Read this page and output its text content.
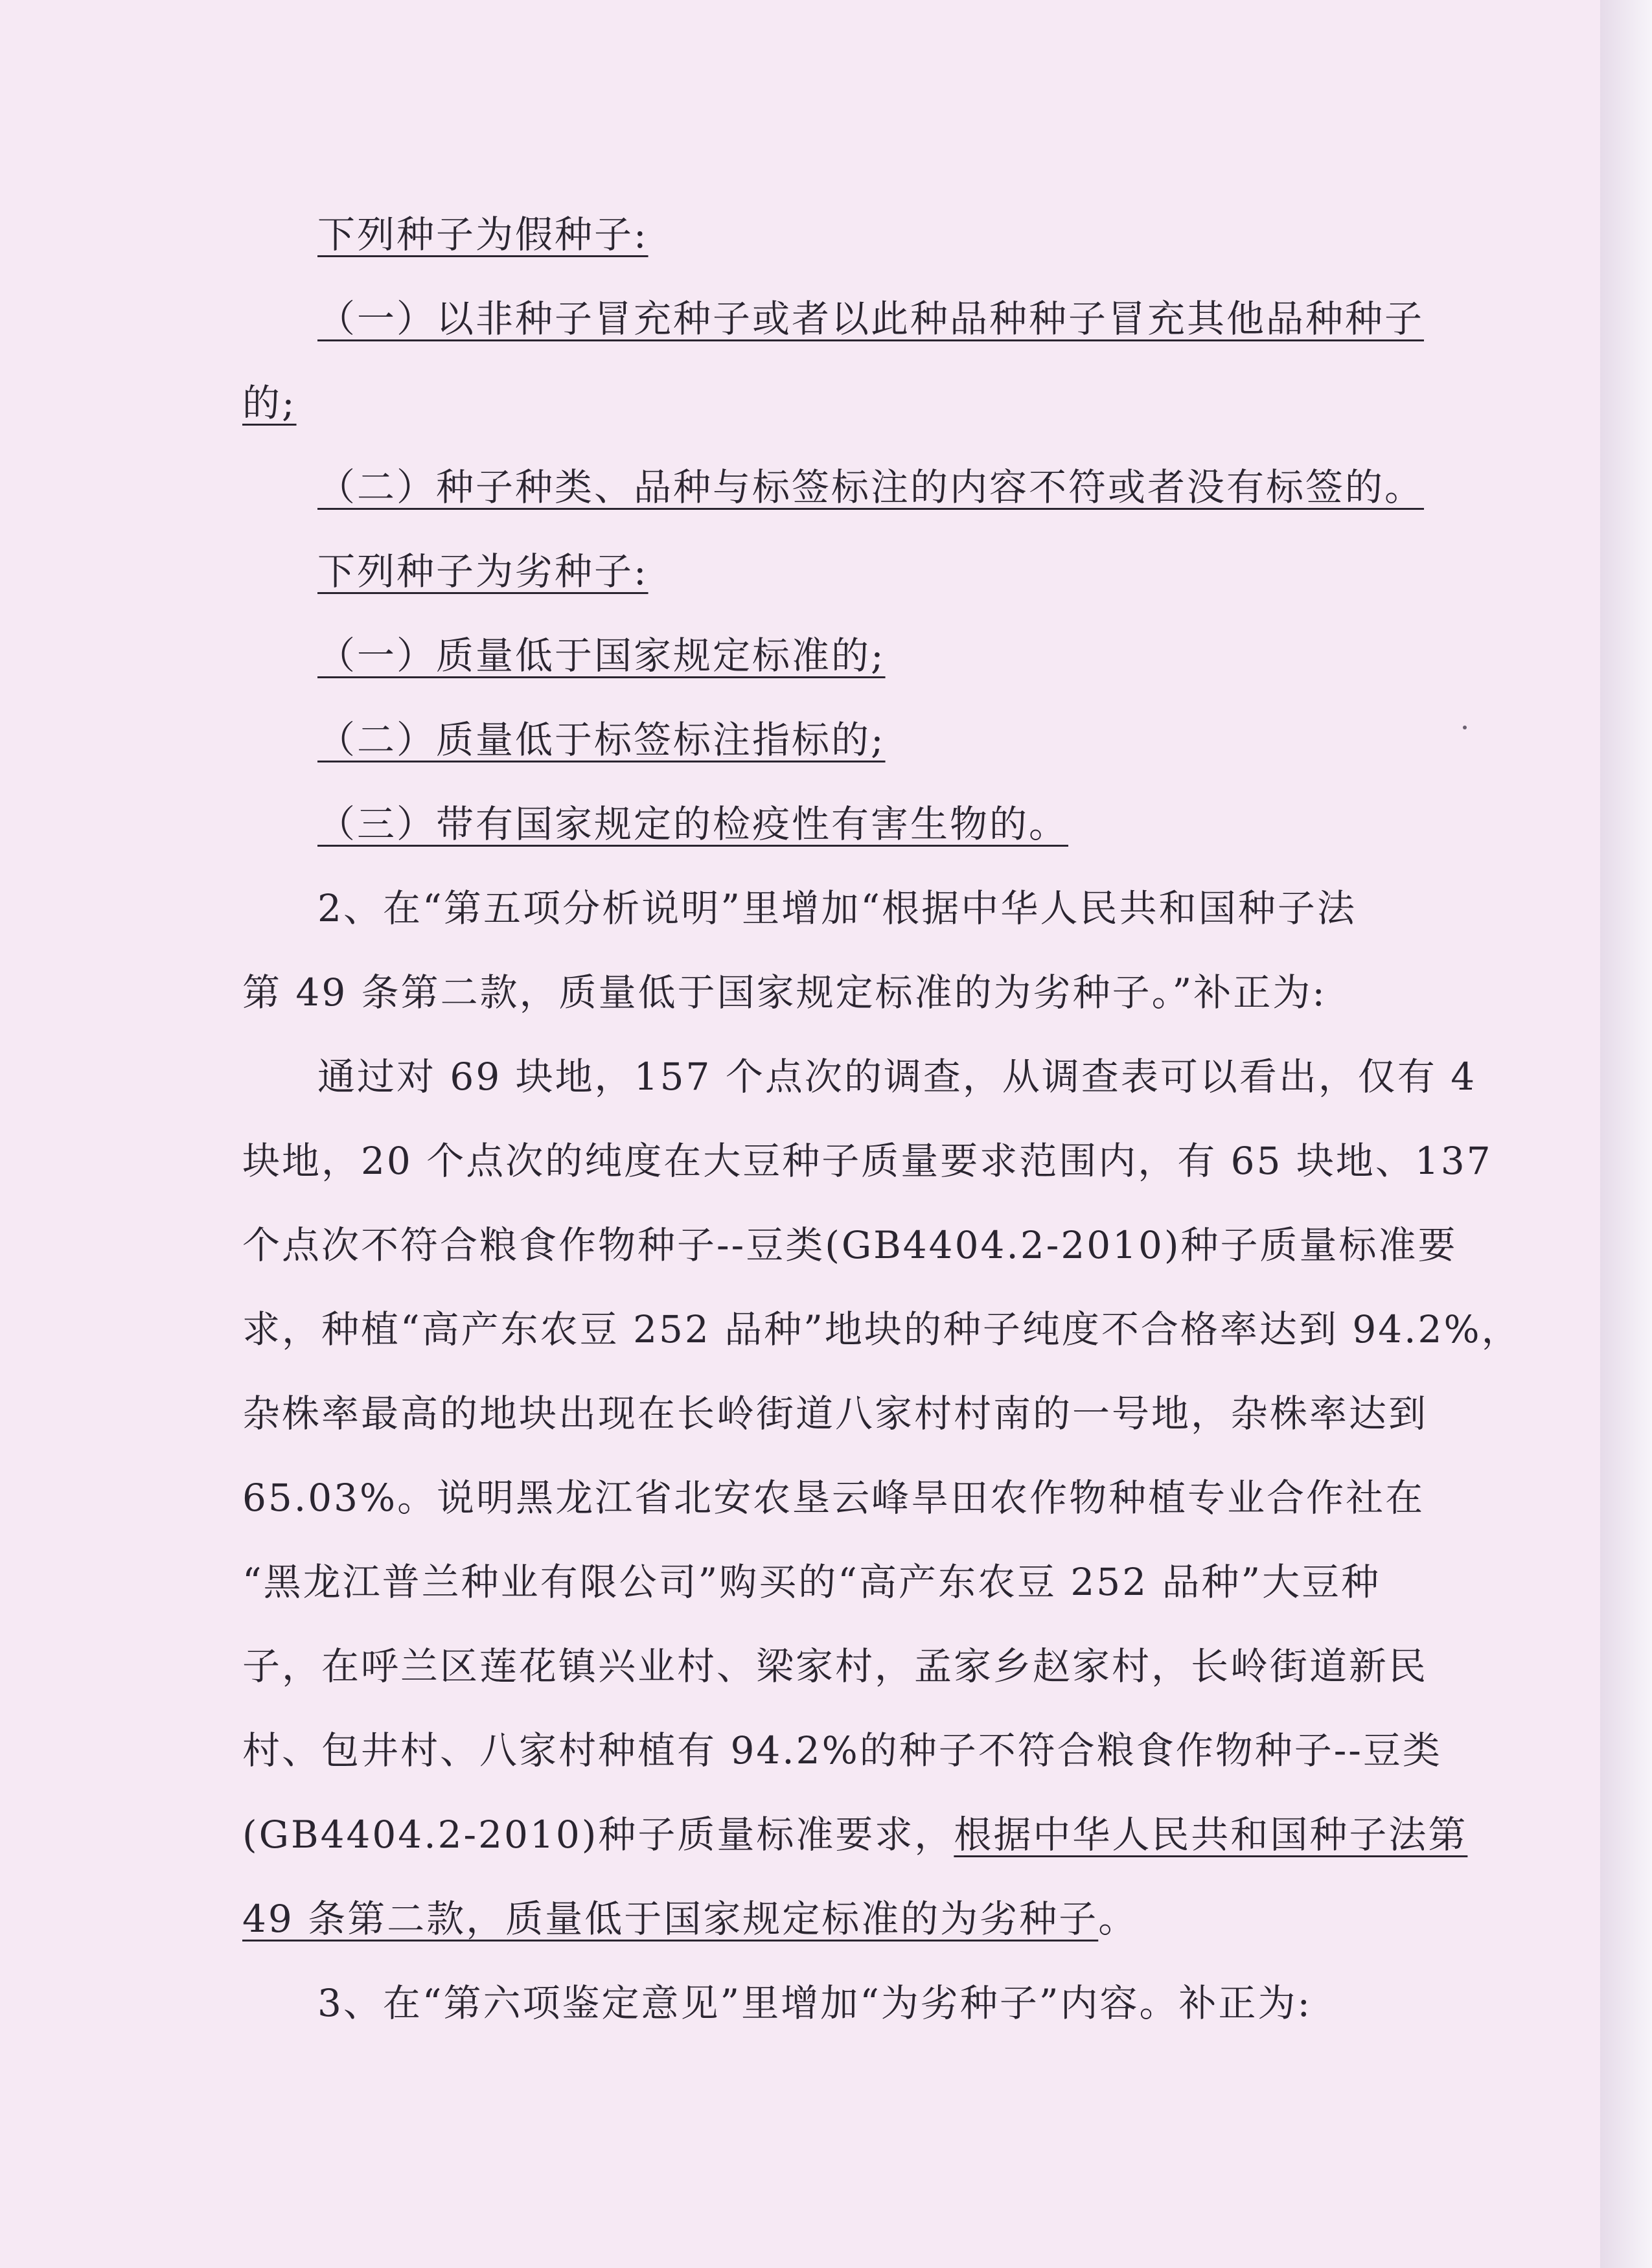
下列种子为假种子:
（一）以非种子冒充种子或者以此种品种种子冒充其他品种种子
的;
（二）种子种类、品种与标签标注的内容不符或者没有标签的。
下列种子为劣种子:
（一）质量低于国家规定标准的;
（二）质量低于标签标注指标的;
（三）带有国家规定的检疫性有害生物的。
2、在“第五项分析说明”里增加“根据中华人民共和国种子法
第 49 条第二款，质量低于国家规定标准的为劣种子。”补正为:
通过对 69 块地，157 个点次的调查，从调查表可以看出，仅有 4
块地，20 个点次的纯度在大豆种子质量要求范围内，有 65 块地、137
个点次不符合粮食作物种子--豆类(GB4404.2-2010)种子质量标准要
求，种植“高产东农豆 252 品种”地块的种子纯度不合格率达到 94.2%，
杂株率最高的地块出现在长岭街道八家村村南的一号地，杂株率达到
65.03%。说明黑龙江省北安农垦云峰旱田农作物种植专业合作社在
“黑龙江普兰种业有限公司”购买的“高产东农豆 252 品种”大豆种
子，在呼兰区莲花镇兴业村、梁家村，孟家乡赵家村，长岭街道新民
村、包井村、八家村种植有 94.2%的种子不符合粮食作物种子--豆类
(GB4404.2-2010)种子质量标准要求，根据中华人民共和国种子法第
49 条第二款，质量低于国家规定标准的为劣种子。
3、在“第六项鉴定意见”里增加“为劣种子”内容。补正为:
